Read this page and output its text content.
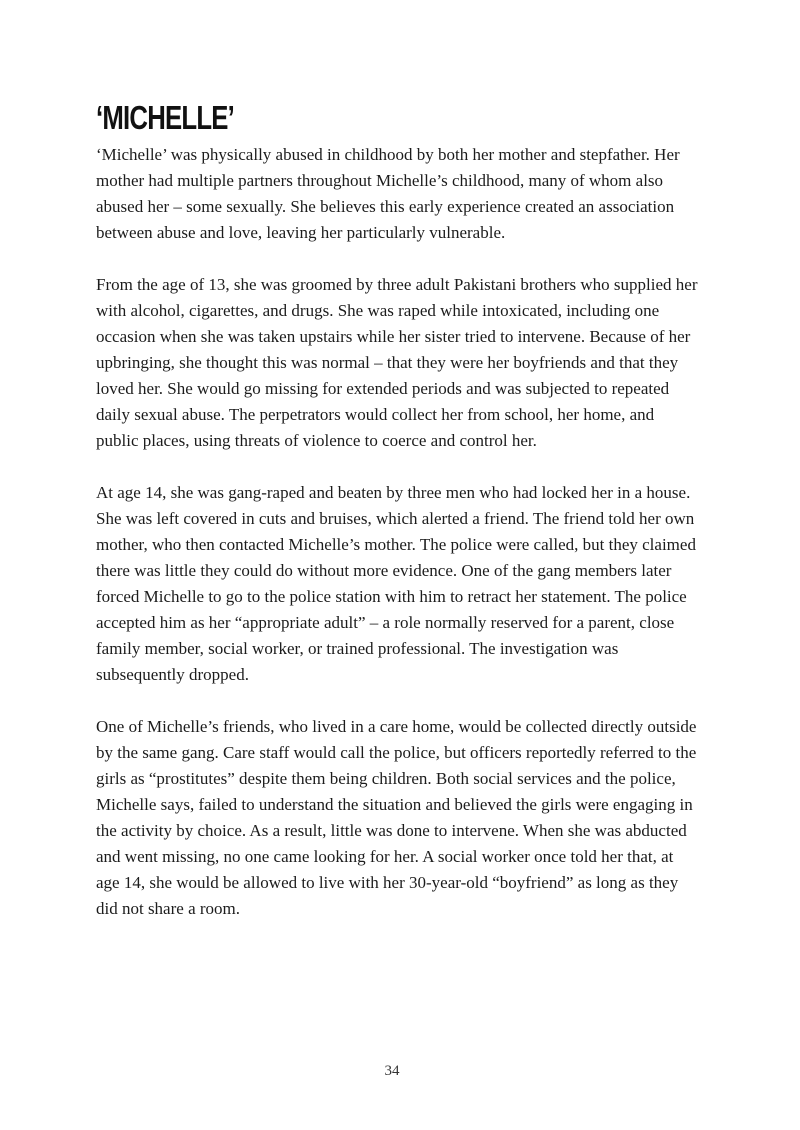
‘MICHELLE’

‘Michelle’ was physically abused in childhood by both her mother and stepfather. Her mother had multiple partners throughout Michelle’s childhood, many of whom also abused her – some sexually. She believes this early experience created an association between abuse and love, leaving her particularly vulnerable.

From the age of 13, she was groomed by three adult Pakistani brothers who supplied her with alcohol, cigarettes, and drugs. She was raped while intoxicated, including one occasion when she was taken upstairs while her sister tried to intervene. Because of her upbringing, she thought this was normal – that they were her boyfriends and that they loved her. She would go missing for extended periods and was subjected to repeated daily sexual abuse. The perpetrators would collect her from school, her home, and public places, using threats of violence to coerce and control her.

At age 14, she was gang-raped and beaten by three men who had locked her in a house. She was left covered in cuts and bruises, which alerted a friend. The friend told her own mother, who then contacted Michelle’s mother. The police were called, but they claimed there was little they could do without more evidence. One of the gang members later forced Michelle to go to the police station with him to retract her statement. The police accepted him as her “appropriate adult” – a role normally reserved for a parent, close family member, social worker, or trained professional. The investigation was subsequently dropped.

One of Michelle’s friends, who lived in a care home, would be collected directly outside by the same gang. Care staff would call the police, but officers reportedly referred to the girls as “prostitutes” despite them being children. Both social services and the police, Michelle says, failed to understand the situation and believed the girls were engaging in the activity by choice. As a result, little was done to intervene. When she was abducted and went missing, no one came looking for her. A social worker once told her that, at age 14, she would be allowed to live with her 30-year-old “boyfriend” as long as they did not share a room.

34
